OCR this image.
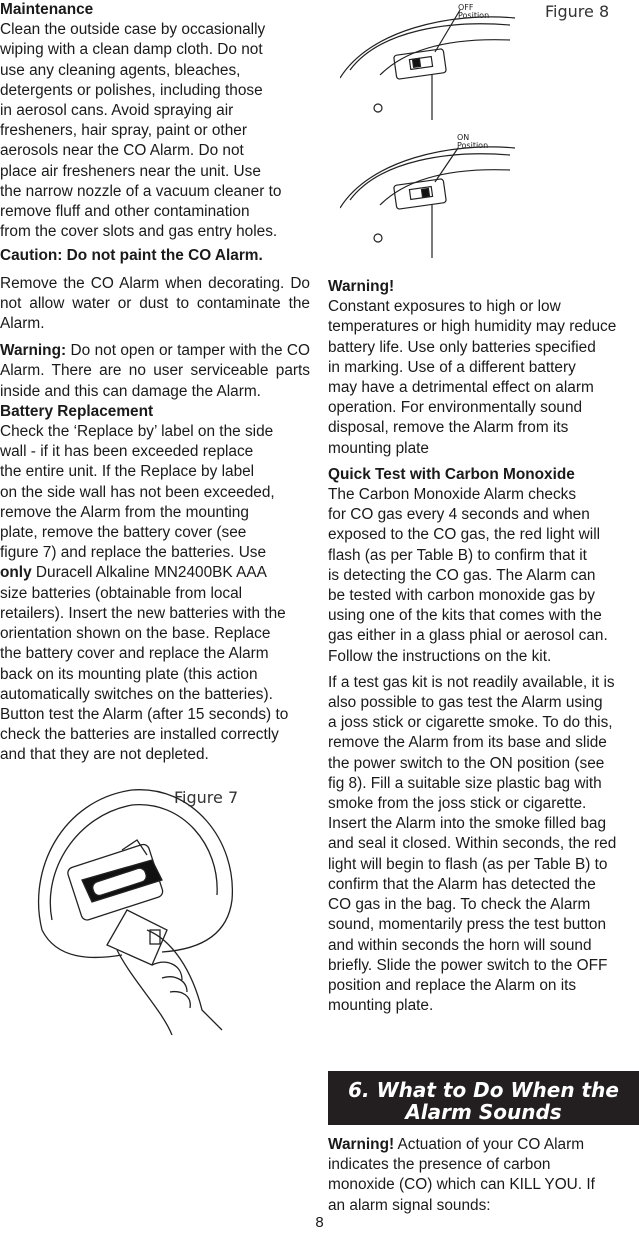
Maintenance

Clean the outside case by occasionally

wiping with a clean damp cloth. Do not

use any cleaning agents, bleaches,

detergents or polishes, including those

in aerosol cans. Avoid spraying air

fresheners, hair spray, paint or other

aerosols near the CO Alarm. Do not

place air fresheners near the unit. Use

the narrow nozzle of a vacuum cleaner to

remove fluff and other contamination

from the cover slots and gas entry holes.

Caution: Do not paint the CO Alarm.

Remove the CO Alarm when decorating. Do not allow water or dust to contaminate the Alarm.

Warning: Do not open or tamper with the CO Alarm. There are no user serviceable parts inside and this can damage the Alarm.

Battery Replacement

Check the ‘Replace by’ label on the side

wall - if it has been exceeded replace

the entire unit. If the Replace by label

on the side wall has not been exceeded,

remove the Alarm from the mounting

plate, remove the battery cover (see

figure 7) and replace the batteries. Use

only Duracell Alkaline MN2400BK AAA

size batteries (obtainable from local

retailers). Insert the new batteries with the

orientation shown on the base. Replace

the battery cover and replace the Alarm

back on its mounting plate (this action

automatically switches on the batteries).

Button test the Alarm (after 15 seconds) to

check the batteries are installed correctly

and that they are not depleted.

Figure 7
Figure 8
OFF
Position
ON
Position

Warning!

Constant exposures to high or low

temperatures or high humidity may reduce

battery life. Use only batteries specified

in marking. Use of a different battery

may have a detrimental effect on alarm

operation. For environmentally sound

disposal, remove the Alarm from its

mounting plate

Quick Test with Carbon Monoxide

The Carbon Monoxide Alarm checks

for CO gas every 4 seconds and when

exposed to the CO gas, the red light will

flash (as per Table B) to confirm that it

is detecting the CO gas. The Alarm can

be tested with carbon monoxide gas by

using one of the kits that comes with the

gas either in a glass phial or aerosol can.

Follow the instructions on the kit.

If a test gas kit is not readily available, it is

also possible to gas test the Alarm using

a joss stick or cigarette smoke. To do this,

remove the Alarm from its base and slide

the power switch to the ON position (see

fig 8). Fill a suitable size plastic bag with

smoke from the joss stick or cigarette.

Insert the Alarm into the smoke filled bag

and seal it closed. Within seconds, the red

light will begin to flash (as per Table B) to

confirm that the Alarm has detected the

CO gas in the bag. To check the Alarm

sound, momentarily press the test button

and within seconds the horn will sound

briefly. Slide the power switch to the OFF

position and replace the Alarm on its

mounting plate.

6. What to Do When the
Alarm Sounds

Warning! Actuation of your CO Alarm

indicates the presence of carbon

monoxide (CO) which can KILL YOU. If

an alarm signal sounds:

8
